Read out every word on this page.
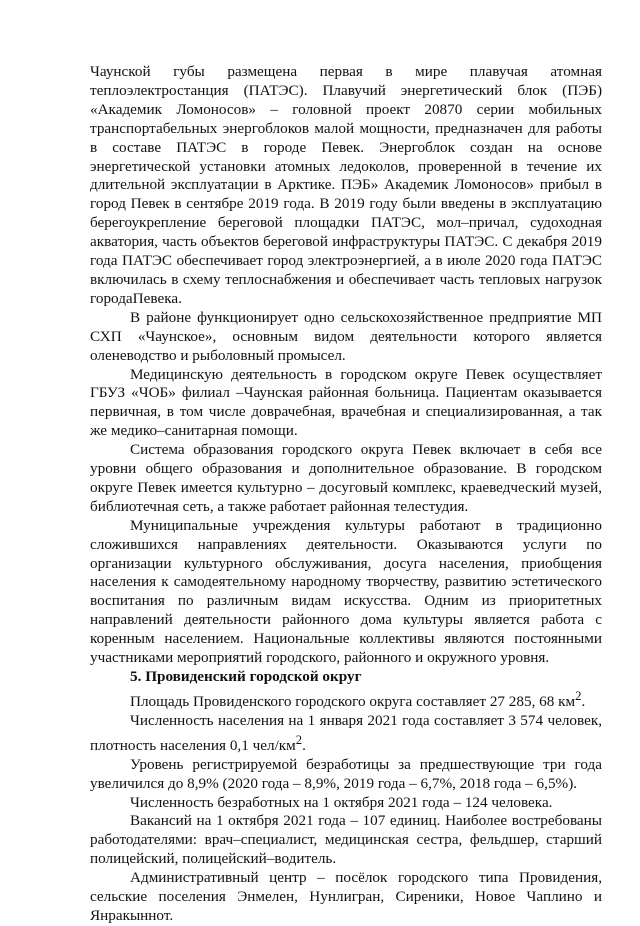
Чаунской губы размещена первая в мире плавучая атомная теплоэлектростанция (ПАТЭС). Плавучий энергетический блок (ПЭБ) «Академик Ломоносов» – головной проект 20870 серии мобильных транспортабельных энергоблоков малой мощности, предназначен для работы в составе ПАТЭС в городе Певек. Энергоблок создан на основе энергетической установки атомных ледоколов, проверенной в течение их длительной эксплуатации в Арктике. ПЭБ» Академик Ломоносов» прибыл в город Певек в сентябре 2019 года. В 2019 году были введены в эксплуатацию берегоукрепление береговой площадки ПАТЭС, мол–причал, судоходная акватория, часть объектов береговой инфраструктуры ПАТЭС. С декабря 2019 года ПАТЭС обеспечивает город электроэнергией, а в июле 2020 года ПАТЭС включилась в схему теплоснабжения и обеспечивает часть тепловых нагрузок городаПевека.

В районе функционирует одно сельскохозяйственное предприятие МП СХП «Чаунское», основным видом деятельности которого является оленеводство и рыболовный промысел.

Медицинскую деятельность в городском округе Певек осуществляет ГБУЗ «ЧОБ» филиал –Чаунская районная больница. Пациентам оказывается первичная, в том числе доврачебная, врачебная и специализированная, а так же медико–санитарная помощи.

Система образования городского округа Певек включает в себя все уровни общего образования и дополнительное образование. В городском округе Певек имеется культурно – досуговый комплекс, краеведческий музей, библиотечная сеть, а также работает районная телестудия.

Муниципальные учреждения культуры работают в традиционно сложившихся направлениях деятельности. Оказываются услуги по организации культурного обслуживания, досуга населения, приобщения населения к самодеятельному народному творчеству, развитию эстетического воспитания по различным видам искусства. Одним из приоритетных направлений деятельности районного дома культуры является работа с коренным населением. Национальные коллективы являются постоянными участниками мероприятий городского, районного и окружного уровня.

5. Провиденский городской округ

Площадь Провиденского городского округа составляет 27 285, 68 $км^2$.

Численность населения на 1 января 2021 года составляет 3 574 человек, плотность населения 0,1 чел/$км^2$.

Уровень регистрируемой безработицы за предшествующие три года увеличился до 8,9% (2020 года – 8,9%, 2019 года – 6,7%, 2018 года – 6,5%).

Численность безработных на 1 октября 2021 года – 124 человека.

Вакансий на 1 октября 2021 года – 107 единиц. Наиболее востребованы работодателями: врач–специалист, медицинская сестра, фельдшер, старший полицейский, полицейский–водитель.

Административный центр – посёлок городского типа Провидения, сельские поселения Энмелен, Нунлигран, Сиреники, Новое Чаплино и Янракыннот.
